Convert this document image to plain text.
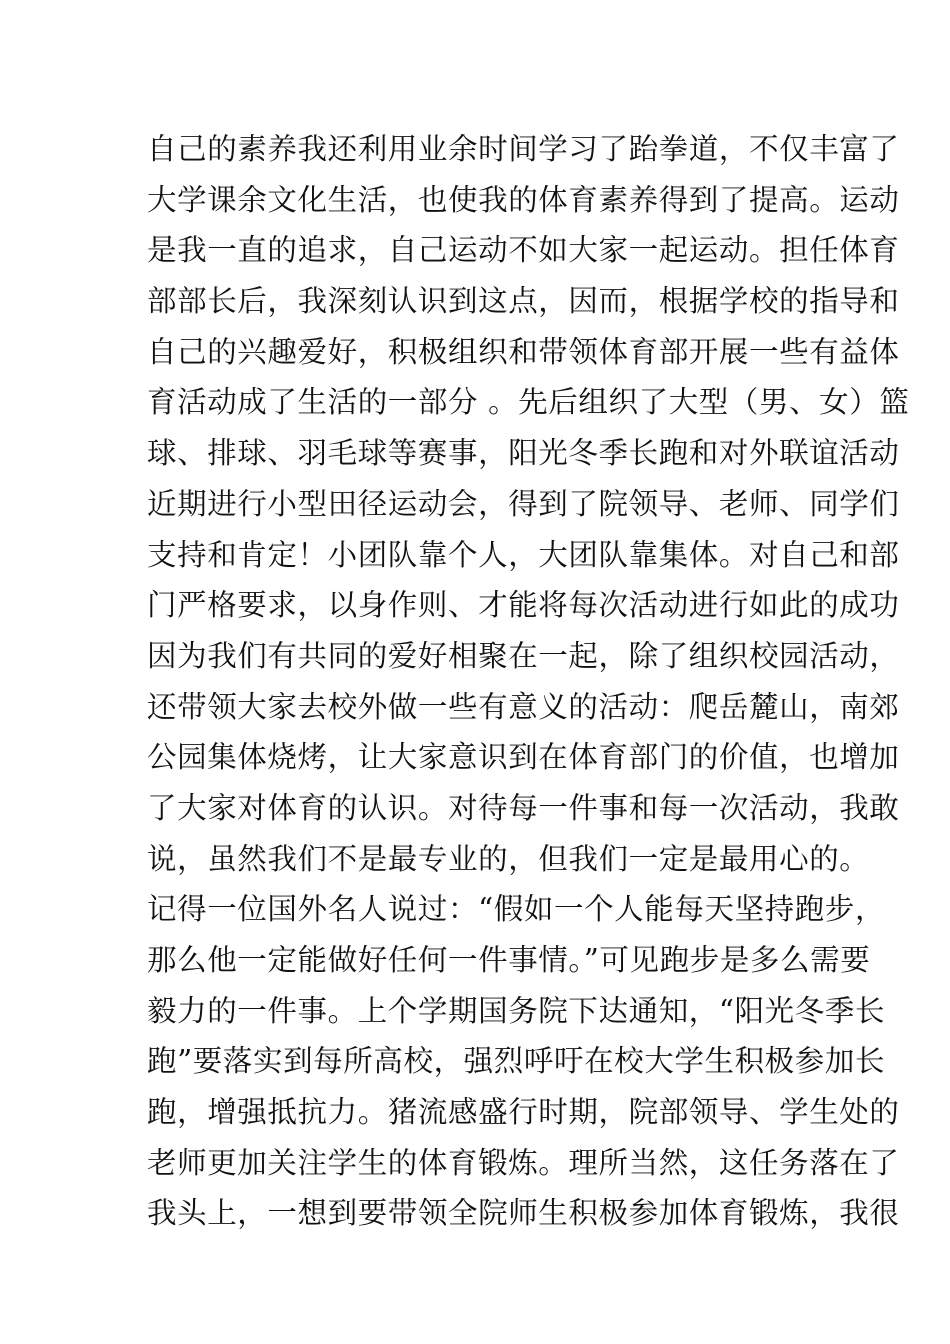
自己的素养我还利用业余时间学习了跆拳道，不仅丰富了
大学课余文化生活，也使我的体育素养得到了提高。运动
是我一直的追求，自己运动不如大家一起运动。担任体育
部部长后，我深刻认识到这点，因而，根据学校的指导和
自己的兴趣爱好，积极组织和带领体育部开展一些有益体
育活动成了生活的一部分 。先后组织了大型（男、女）篮
球、排球、羽毛球等赛事，阳光冬季长跑和对外联谊活动
近期进行小型田径运动会，得到了院领导、老师、同学们
支持和肯定！小团队靠个人，大团队靠集体。对自己和部
门严格要求，以身作则、才能将每次活动进行如此的成功
因为我们有共同的爱好相聚在一起，除了组织校园活动，
还带领大家去校外做一些有意义的活动：爬岳麓山，南郊
公园集体烧烤，让大家意识到在体育部门的价值，也增加
了大家对体育的认识。对待每一件事和每一次活动，我敢
说，虽然我们不是最专业的，但我们一定是最用心的。
记得一位国外名人说过：“假如一个人能每天坚持跑步，
那么他一定能做好任何一件事情。”可见跑步是多么需要
毅力的一件事。上个学期国务院下达通知，“阳光冬季长
跑”要落实到每所高校，强烈呼吁在校大学生积极参加长
跑，增强抵抗力。猪流感盛行时期，院部领导、学生处的
老师更加关注学生的体育锻炼。理所当然，这任务落在了
我头上，一想到要带领全院师生积极参加体育锻炼，我很
